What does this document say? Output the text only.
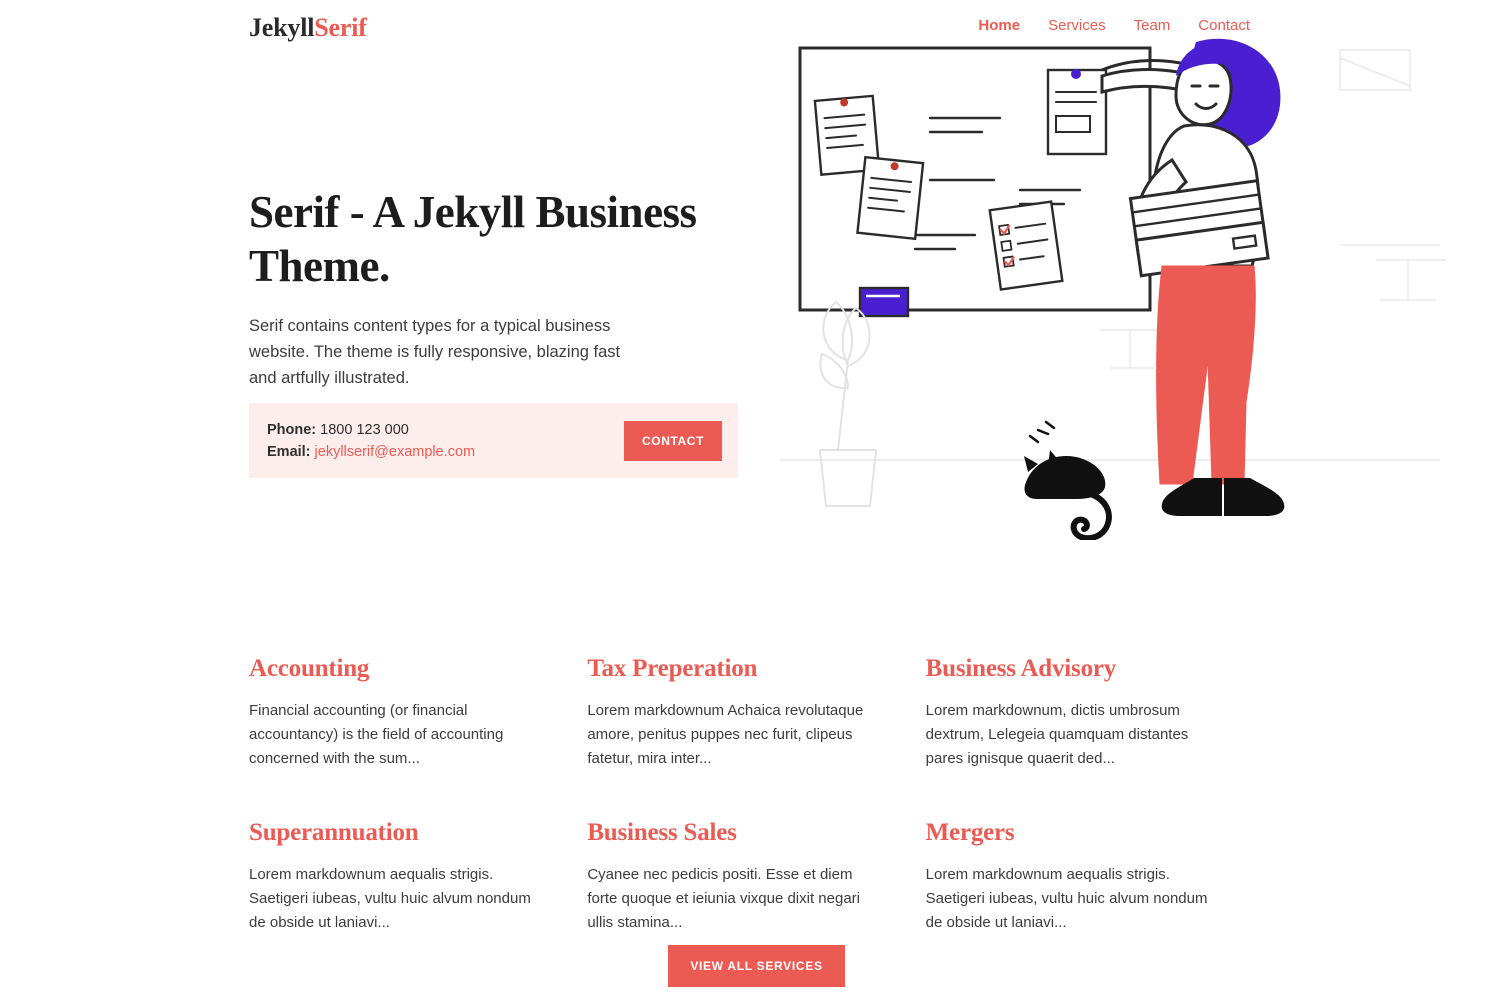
JekyllSerif	Home Services Team Contact
Serif - A Jekyll Business Theme.

Serif contains content types for a typical business website. The theme is fully responsive, blazing fast and artfully illustrated.

Phone: 1800 123 000
Email: jekyllserif@example.com
CONTACT
Accounting

Financial accounting (or financial accountancy) is the field of accounting concerned with the sum...

Tax Preperation

Lorem markdownum Achaica revolutaque amore, penitus puppes nec furit, clipeus fatetur, mira inter...

Business Advisory

Lorem markdownum, dictis umbrosum dextrum, Lelegeia quamquam distantes pares ignisque quaerit ded...

Superannuation

Lorem markdownum aequalis strigis. Saetigeri iubeas, vultu huic alvum nondum de obside ut laniavi...

Business Sales

Cyanee nec pedicis positi. Esse et diem forte quoque et ieiunia vixque dixit negari ullis stamina...

Mergers

Lorem markdownum aequalis strigis. Saetigeri iubeas, vultu huic alvum nondum de obside ut laniavi...

VIEW ALL SERVICES
